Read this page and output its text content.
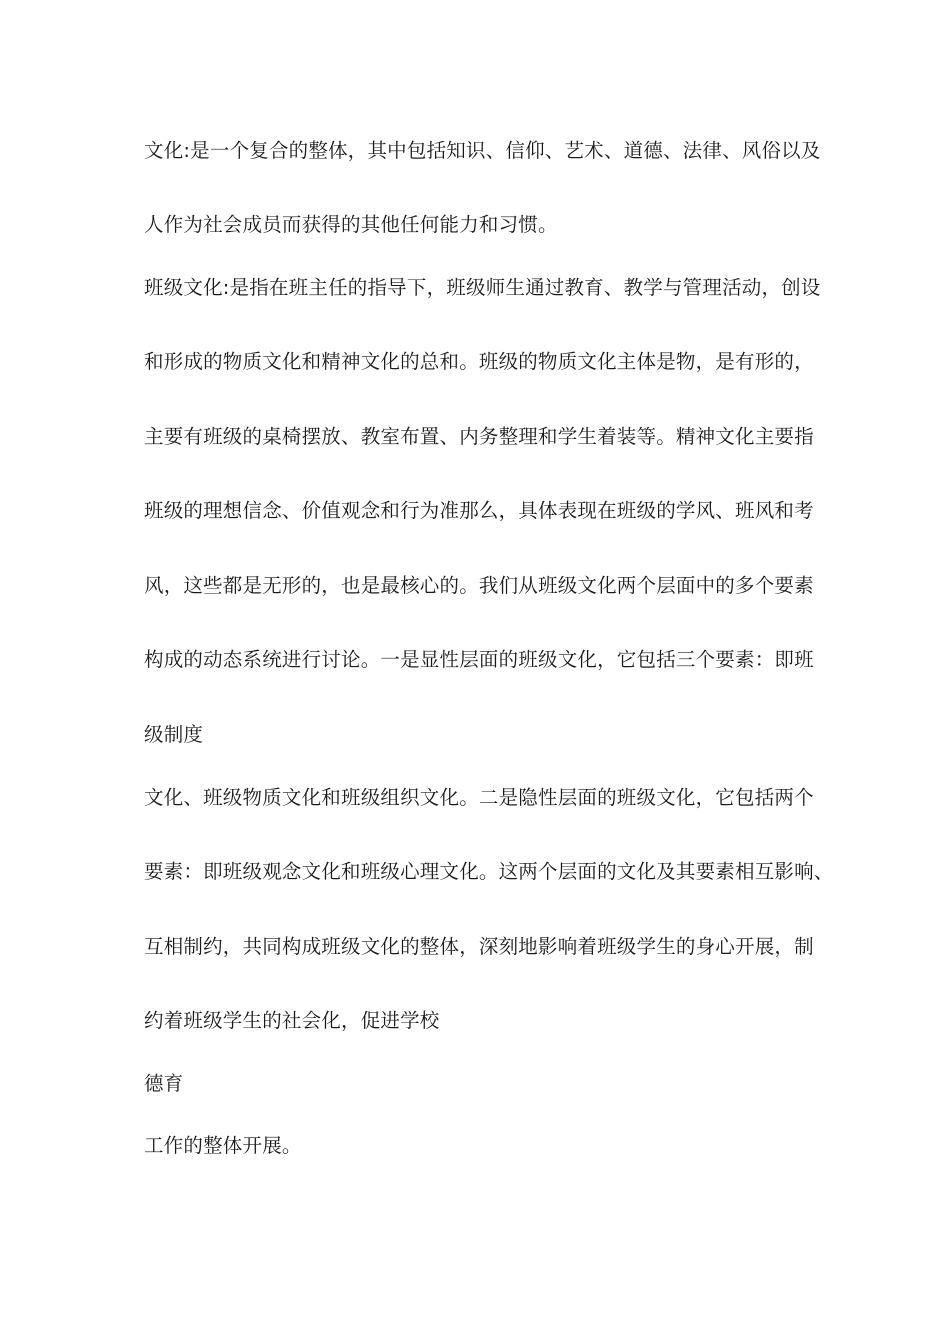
文化:是一个复合的整体，其中包括知识、信仰、艺术、道德、法律、风俗以及
人作为社会成员而获得的其他任何能力和习惯。
班级文化:是指在班主任的指导下，班级师生通过教育、教学与管理活动，创设
和形成的物质文化和精神文化的总和。班级的物质文化主体是物，是有形的，
主要有班级的桌椅摆放、教室布置、内务整理和学生着装等。精神文化主要指
班级的理想信念、价值观念和行为准那么，具体表现在班级的学风、班风和考
风，这些都是无形的，也是最核心的。我们从班级文化两个层面中的多个要素
构成的动态系统进行讨论。一是显性层面的班级文化，它包括三个要素：即班
级制度
文化、班级物质文化和班级组织文化。二是隐性层面的班级文化，它包括两个
要素：即班级观念文化和班级心理文化。这两个层面的文化及其要素相互影响、
互相制约，共同构成班级文化的整体，深刻地影响着班级学生的身心开展，制
约着班级学生的社会化，促进学校
德育
工作的整体开展。
